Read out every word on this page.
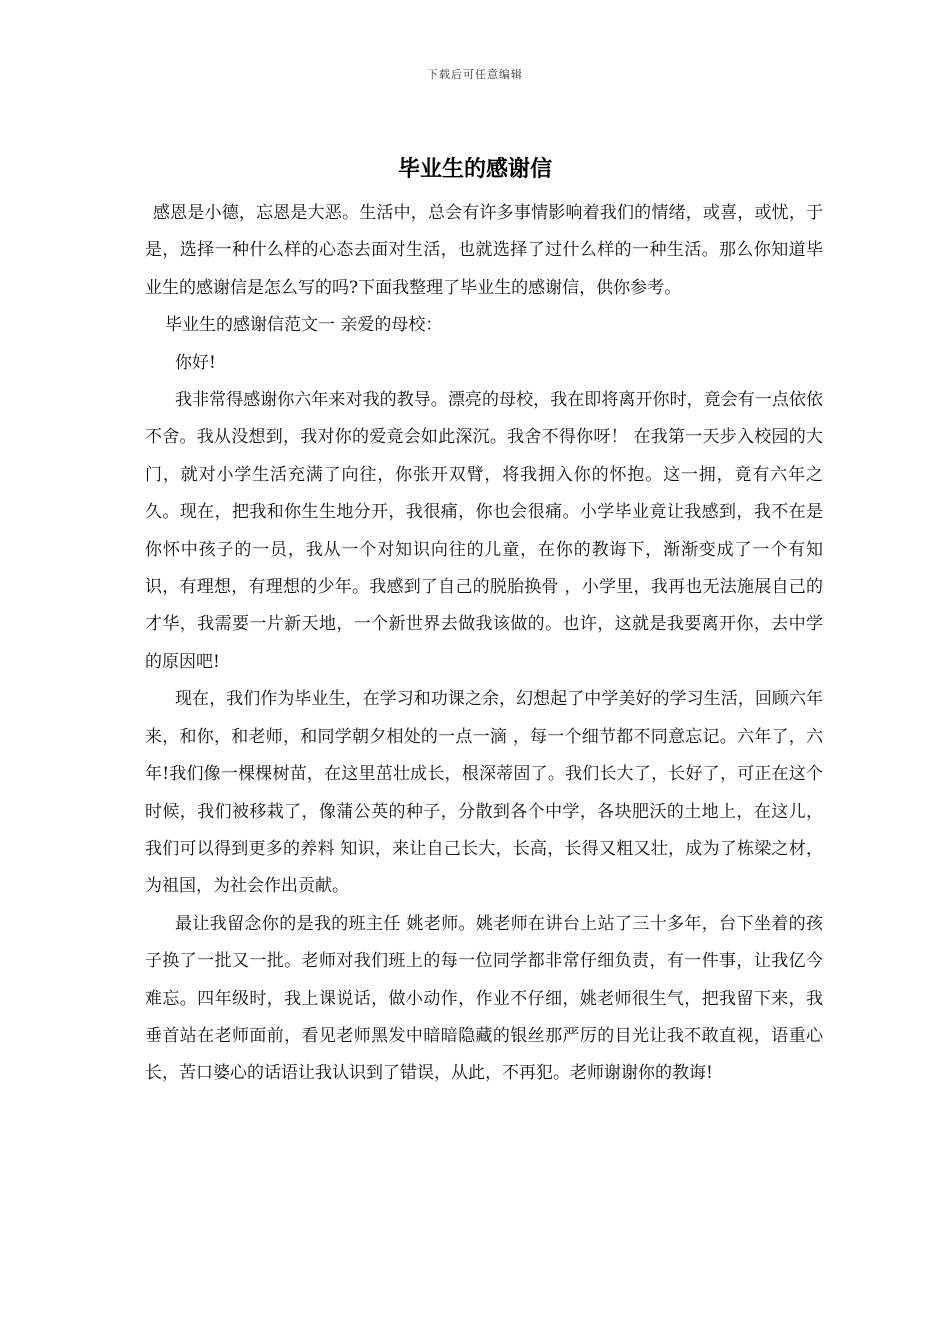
下载后可任意编辑
毕业生的感谢信

感恩是小德，忘恩是大恶。生活中，总会有许多事情影响着我们的情绪，或喜，或忧，于是，选择一种什么样的心态去面对生活，也就选择了过什么样的一种生活。那么你知道毕业生的感谢信是怎么写的吗?下面我整理了毕业生的感谢信，供你参考。

毕业生的感谢信范文一 亲爱的母校：

你好!

我非常得感谢你六年来对我的教导。漂亮的母校，我在即将离开你时，竟会有一点依依不舍。我从没想到，我对你的爱竟会如此深沉。我舍不得你呀！ 在我第一天步入校园的大门，就对小学生活充满了向往，你张开双臂，将我拥入你的怀抱。这一拥，竟有六年之久。现在，把我和你生生地分开，我很痛，你也会很痛。小学毕业竟让我感到，我不在是你怀中孩子的一员，我从一个对知识向往的儿童，在你的教诲下，渐渐变成了一个有知识，有理想，有理想的少年。我感到了自己的脱胎换骨 ，小学里，我再也无法施展自己的才华，我需要一片新天地，一个新世界去做我该做的。也许，这就是我要离开你，去中学的原因吧!

现在，我们作为毕业生，在学习和功课之余，幻想起了中学美好的学习生活，回顾六年来，和你，和老师，和同学朝夕相处的一点一滴 ，每一个细节都不同意忘记。六年了，六年!我们像一棵棵树苗，在这里茁壮成长，根深蒂固了。我们长大了，长好了，可正在这个时候，我们被移栽了，像蒲公英的种子，分散到各个中学，各块肥沃的土地上，在这儿，我们可以得到更多的养料 知识，来让自己长大，长高，长得又粗又壮，成为了栋梁之材，为祖国，为社会作出贡献。

最让我留念你的是我的班主任 姚老师。姚老师在讲台上站了三十多年，台下坐着的孩子换了一批又一批。老师对我们班上的每一位同学都非常仔细负责，有一件事，让我亿今难忘。四年级时，我上课说话，做小动作，作业不仔细，姚老师很生气，把我留下来，我垂首站在老师面前，看见老师黑发中暗暗隐藏的银丝那严厉的目光让我不敢直视，语重心长，苦口婆心的话语让我认识到了错误，从此，不再犯。老师谢谢你的教诲!
